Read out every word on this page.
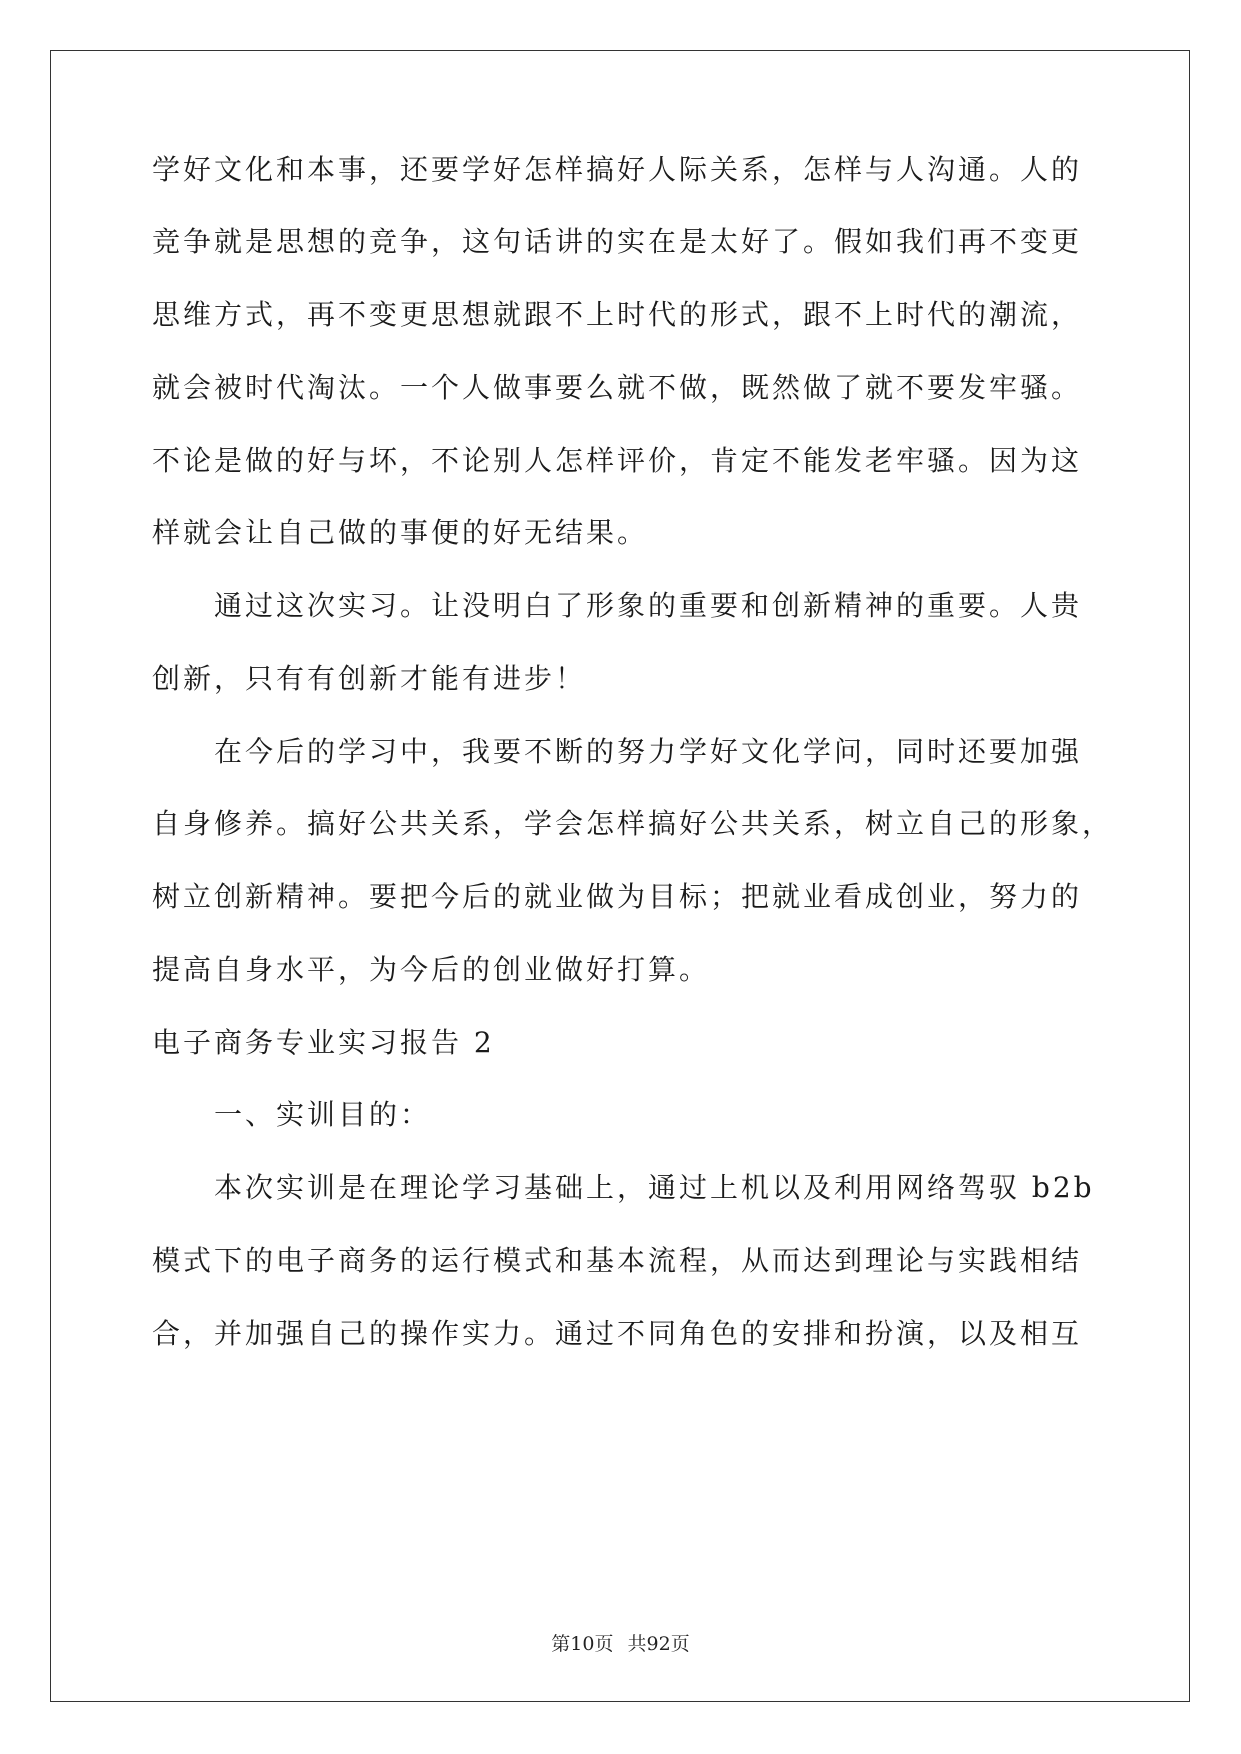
学好文化和本事，还要学好怎样搞好人际关系，怎样与人沟通。人的
竞争就是思想的竞争，这句话讲的实在是太好了。假如我们再不变更
思维方式，再不变更思想就跟不上时代的形式，跟不上时代的潮流，
就会被时代淘汰。一个人做事要么就不做，既然做了就不要发牢骚。
不论是做的好与坏，不论别人怎样评价，肯定不能发老牢骚。因为这
样就会让自己做的事便的好无结果。
通过这次实习。让没明白了形象的重要和创新精神的重要。人贵
创新，只有有创新才能有进步！
在今后的学习中，我要不断的努力学好文化学问，同时还要加强
自身修养。搞好公共关系，学会怎样搞好公共关系，树立自己的形象，
树立创新精神。要把今后的就业做为目标；把就业看成创业，努力的
提高自身水平，为今后的创业做好打算。
电子商务专业实习报告 2
一、实训目的：
本次实训是在理论学习基础上，通过上机以及利用网络驾驭 b2b
模式下的电子商务的运行模式和基本流程，从而达到理论与实践相结
合，并加强自己的操作实力。通过不同角色的安排和扮演，以及相互
第10页 共92页
